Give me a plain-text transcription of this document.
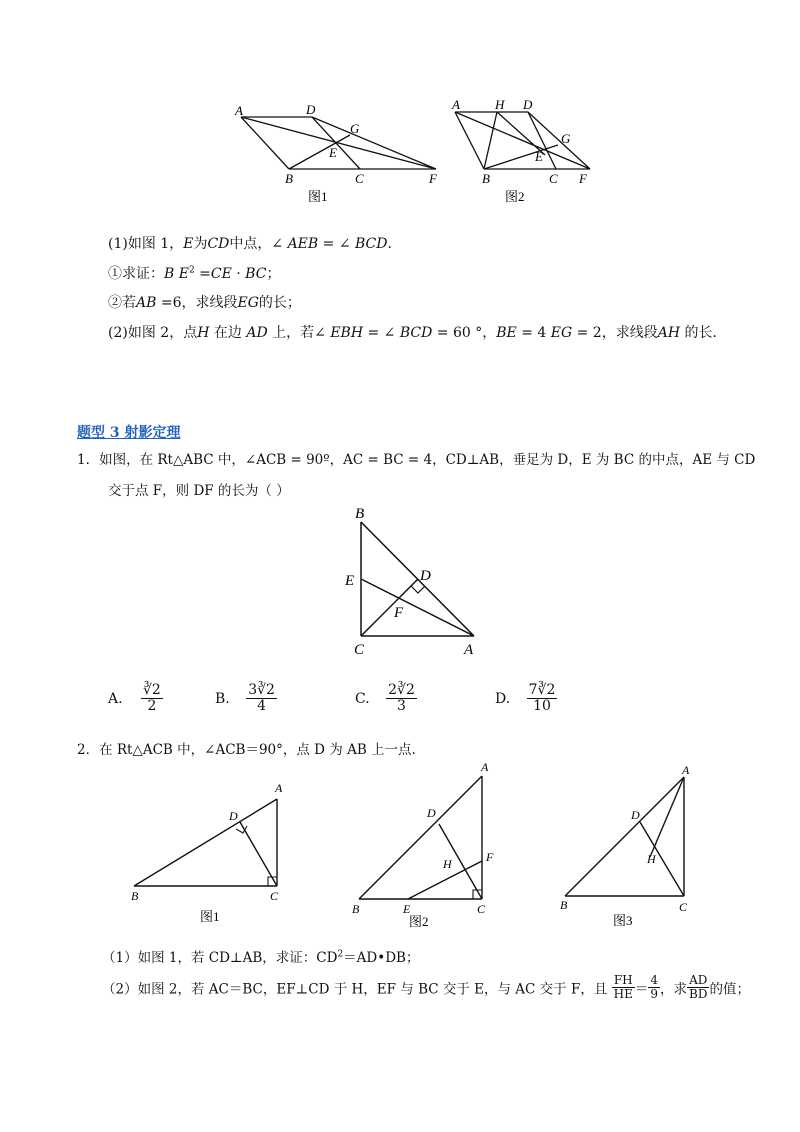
A	D
G
E
B	C	F
图1
A	H D
G
E
B	C F
图2
(1)如图 1，E为CD中点，∠ AEB = ∠ BCD．
①求证：B $E^2 =CE$ · BC；
②若AB =6，求线段EG的长；
(2)如图 2，点H 在边 AD 上，若∠ EBH = ∠ BCD = 60 °，BE = 4 EG = 2，求线段AH 的长．
题型 3 射影定理
1．如图，在 Rt△ABC 中，∠ACB = 90º，AC = BC = 4，CD⊥AB，垂足为 D，E 为 BC 的中点，AE 与 CD
交于点 F，则 DF 的长为（ ）
B
D
E
F
C	A
A. $\frac{∛2}{2}$	B. $\frac{3∛2}{4}$	C. $\frac{2∛2}{3}$	D. $\frac{7∛2}{10}$
2．在 Rt△ACB 中，∠ACB＝90°，点 D 为 AB 上一点.
A
D
B	C
图1
A
D
H	F
B	E	C
图2
A
D
H
B	C
图3
（1）如图 1，若 CD⊥AB，求证：$CD^2=AD•DB$；
（2）如图 2，若 AC＝BC，EF⊥CD 于 H，EF 与 BC 交于 E，与 AC 交于 F，且 $\frac{FH}{HE} = \frac{4}{9}$ ，求 $\frac{AD}{BD}$ 的值；
